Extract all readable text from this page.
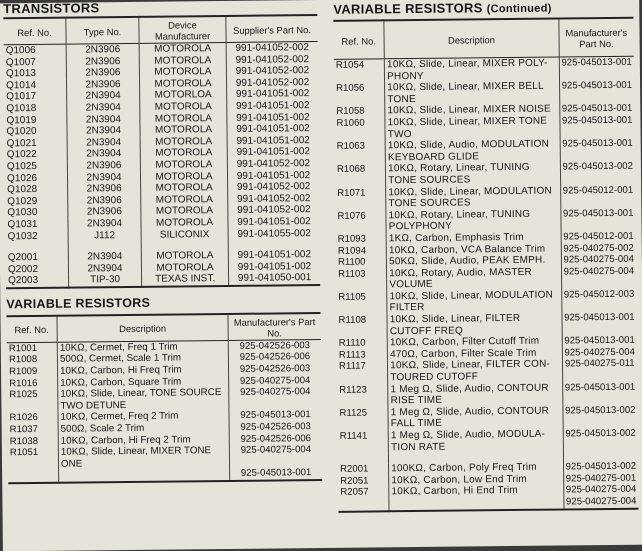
TRANSISTORS
Ref. No.	Type No.	Device Manufacturer	Supplier's Part No.
Q1006	2N3906	MOTOROLA	991-041052-002
Q1007	2N3906	MOTOROLA	991-041052-002
Q1013	2N3906	MOTOROLA	991-041052-002
Q1014	2N3906	MOTOROLA	991-041052-002
Q1017	2N3904	MOTORLOA	991-041051-002
Q1018	2N3904	MOTOROLA	991-041051-002
Q1019	2N3904	MOTOROLA	991-041051-002
Q1020	2N3904	MOTOROLA	991-041051-002
Q1021	2N3904	MOTOROLA	991-041051-002
Q1022	2N3904	MOTOROLA	991-041051-002
Q1025	2N3906	MOTOROLA	991-041052-002
Q1026	2N3904	MOTOROLA	991-041051-002
Q1028	2N3906	MOTOROLA	991-041052-002
Q1029	2N3906	MOTOROLA	991-041052-002
Q1030	2N3906	MOTOROLA	991-041052-002
Q1031	2N3904	MOTOROLA	991-041051-002
Q1032	J112	SILICONIX	991-041055-002

Q2001	2N3904	MOTOROLA	991-041051-002
Q2002	2N3904	MOTOROLA	991-041051-002
Q2003	TIP-30	TEXAS INST.	991-041050-001
VARIABLE RESISTORS
Ref. No.	Description	Manufacturer's Part No.
R1001	10KΩ, Cermet, Freq 1 Trim	925-042526-003
R1008	500Ω, Cermet, Scale 1 Trim	925-042526-006
R1009	10KΩ, Carbon, Hi Freq Trim	925-042526-003
R1016	10KΩ, Carbon, Square Trim	925-040275-004
R1025	10KΩ, Slide, Linear, TONE SOURCE	925-040275-004
	TWO DETUNE	
R1026	10KΩ, Cermet, Freq 2 Trim	925-045013-001
R1037	500Ω, Scale 2 Trim	925-042526-003
R1038	10KΩ, Carbon, Hi Freq 2 Trim	925-042526-006
R1051	10KΩ, Slide, Linear, MIXER TONE	925-040275-004
	ONE	
		925-045013-001
VARIABLE RESISTORS (Continued)
Ref. No.	Description	Manufacturer's Part No.
R1054	10KΩ, Slide, Linear, MIXER POLY-	925-045013-001
	PHONY	
R1056	10KΩ, Slide, Linear, MIXER BELL	925-045013-001
	TONE	
R1058	10KΩ, Slide, Linear, MIXER NOISE	925-045013-001
R1060	10KΩ, Slide, Linear, MIXER TONE	925-045013-001
	TWO	
R1063	10KΩ, Slide, Audio, MODULATION	925-045013-001
	KEYBOARD GLIDE	
R1068	10KΩ, Rotary, Linear, TUNING	925-045013-002
	TONE SOURCES	
R1071	10KΩ, Slide, Linear, MODULATION	925-045012-001
	TONE SOURCES	
R1076	10KΩ, Rotary, Linear, TUNING	925-045013-001
	POLYPHONY	
R1093	1KΩ, Carbon, Emphasis Trim	925-045012-001
R1094	10KΩ, Carbon, VCA Balance Trim	925-040275-002
R1100	50KΩ, Slide, Audio, PEAK EMPH.	925-040275-004
R1103	10KΩ, Rotary, Audio, MASTER	925-040275-004
	VOLUME	
R1105	10KΩ, Slide, Linear, MODULATION	925-045012-003
	FILTER	
R1108	10KΩ, Slide, Linear, FILTER	925-045013-001
	CUTOFF FREQ	
R1110	10KΩ, Carbon, Filter Cutoff Trim	925-045013-001
R1113	470Ω, Carbon, Filter Scale Trim	925-040275-004
R1117	10KΩ, Slide, Linear, FILTER CON-	925-040275-011
	TOURED CUTOFF	
R1123	1 Meg Ω, Slide, Audio, CONTOUR	925-045013-001
	RISE TIME	
R1125	1 Meg Ω, Slide, Audio, CONTOUR	925-045013-002
	FALL TIME	
R1141	1 Meg Ω, Slide, Audio, MODULA-	925-045013-002
	TION RATE	

R2001	100KΩ, Carbon, Poly Freq Trim	925-045013-002
R2051	10KΩ, Carbon, Low End Trim	925-040275-001
R2057	10KΩ, Carbon, Hi End Trim	925-040275-004
		925-040275-004
